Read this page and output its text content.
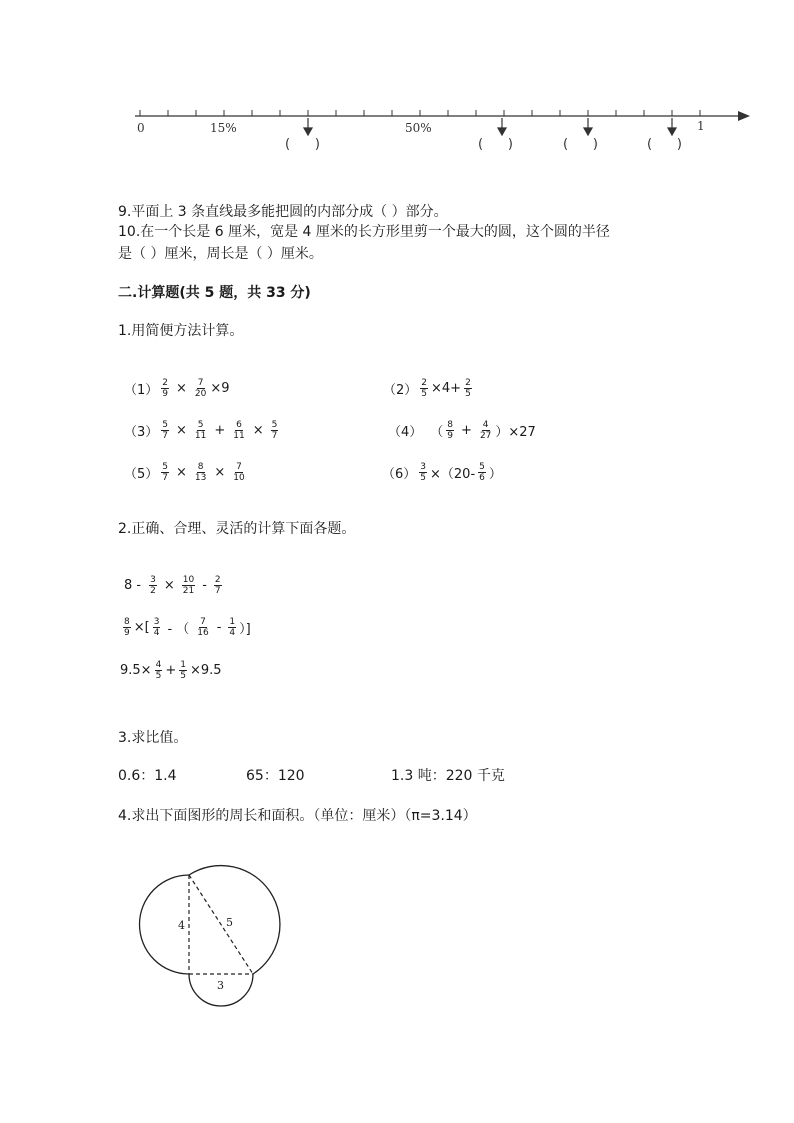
0	15%	50%	1
(      )	(      )	(      )	(      )
9.平面上 3 条直线最多能把圆的内部分成（ ）部分。
10.在一个长是 6 厘米，宽是 4 厘米的长方形里剪一个最大的圆，这个圆的半径
是（ ）厘米，周长是（ ）厘米。
二.计算题(共 5 题，共 33 分)
1.用简便方法计算。
$(1) \frac{2}{9} \times \frac{7}{20} \times 9$	$(2) \frac{2}{5} \times 4+ \frac{2}{5}$
$(3) \frac{5}{7} \times \frac{5}{11} + \frac{6}{11} \times \frac{5}{7}$	（4） （ $\frac{8}{9} + \frac{4}{27} )\times 27$
$(5) \frac{5}{7} \times \frac{8}{13} \times \frac{7}{10}$	$(6) \frac{3}{5} \times(20- \frac{5}{6}$ ）
2.正确、合理、灵活的计算下面各题。
$8 - \frac{3}{2} \times \frac{10}{21} - \frac{2}{7}$
$\frac{8}{9}$ ×[ $\frac{3}{4}$ - （ $\frac{7}{16} - \frac{1}{4}$ ）]
$9.5\times \frac{4}{5} + \frac{1}{5} \times 9.5$
3.求比值。
0.6：1.4	65：120	1.3 吨：220 千克
4.求出下面图形的周长和面积。（单位：厘米）（π=3.14）
4	5
3
